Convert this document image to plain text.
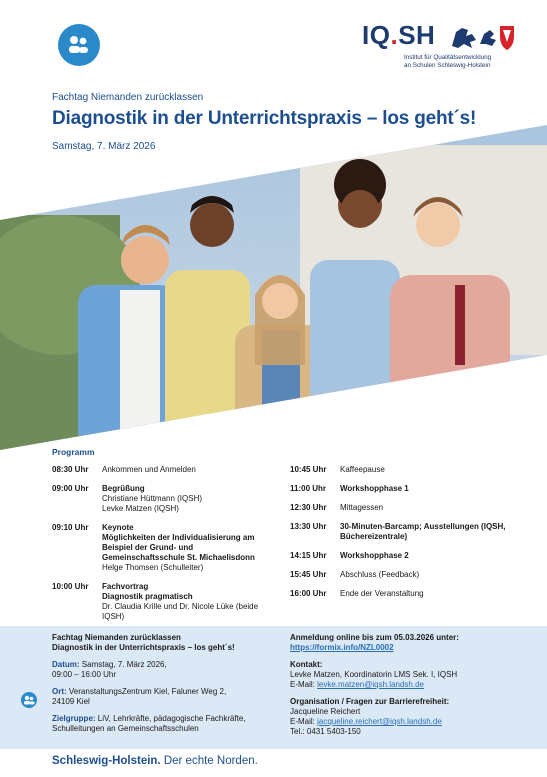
IQ.SH
Institut für Qualitätsentwicklung
an Schulen Schleswig-Holstein
Fachtag Niemanden zurücklassen
Diagnostik in der Unterrichtspraxis – los geht´s!
Samstag, 7. März 2026
Programm
08:30 Uhr	Ankommen und Anmelden
09:00 Uhr	Begrüßung
Christiane Hüttmann (IQSH)
Levke Matzen (IQSH)
09:10 Uhr	Keynote
Möglichkeiten der Individualisierung am Beispiel der Grund- und Gemeinschaftsschule St. Michaelisdonn
Helge Thomsen (Schulleiter)
10:00 Uhr	Fachvortrag
Diagnostik pragmatisch
Dr. Claudia Krille und Dr. Nicole Lüke (beide IQSH)
10:45 Uhr	Kaffeepause
11:00 Uhr	Workshopphase 1
12:30 Uhr	Mittagessen
13:30 Uhr	30-Minuten-Barcamp; Ausstellungen (IQSH, Büchereizentrale)
14:15 Uhr	Workshopphase 2
15:45 Uhr	Abschluss (Feedback)
16:00 Uhr	Ende der Veranstaltung
Fachtag Niemanden zurücklassen
Diagnostik in der Unterrichtspraxis – los geht´s!
Datum: Samstag, 7. März 2026,
09:00 – 16:00 Uhr
Ort: VeranstaltungsZentrum Kiel, Faluner Weg 2,
24109 Kiel
Zielgruppe: LiV, Lehrkräfte, pädagogische Fachkräfte,
Schulleitungen an Gemeinschaftsschulen
Anmeldung online bis zum 05.03.2026 unter:
https://formix.info/NZL0002
Kontakt:
Levke Matzen, Koordinatorin LMS Sek. I, IQSH
E-Mail: levke.matzen@iqsh.landsh.de
Organisation / Fragen zur Barrierefreiheit:
Jacqueline Reichert
E-Mail: jacqueline.reichert@iqsh.landsh.de
Tel.: 0431 5403-150
Schleswig-Holstein. Der echte Norden.
